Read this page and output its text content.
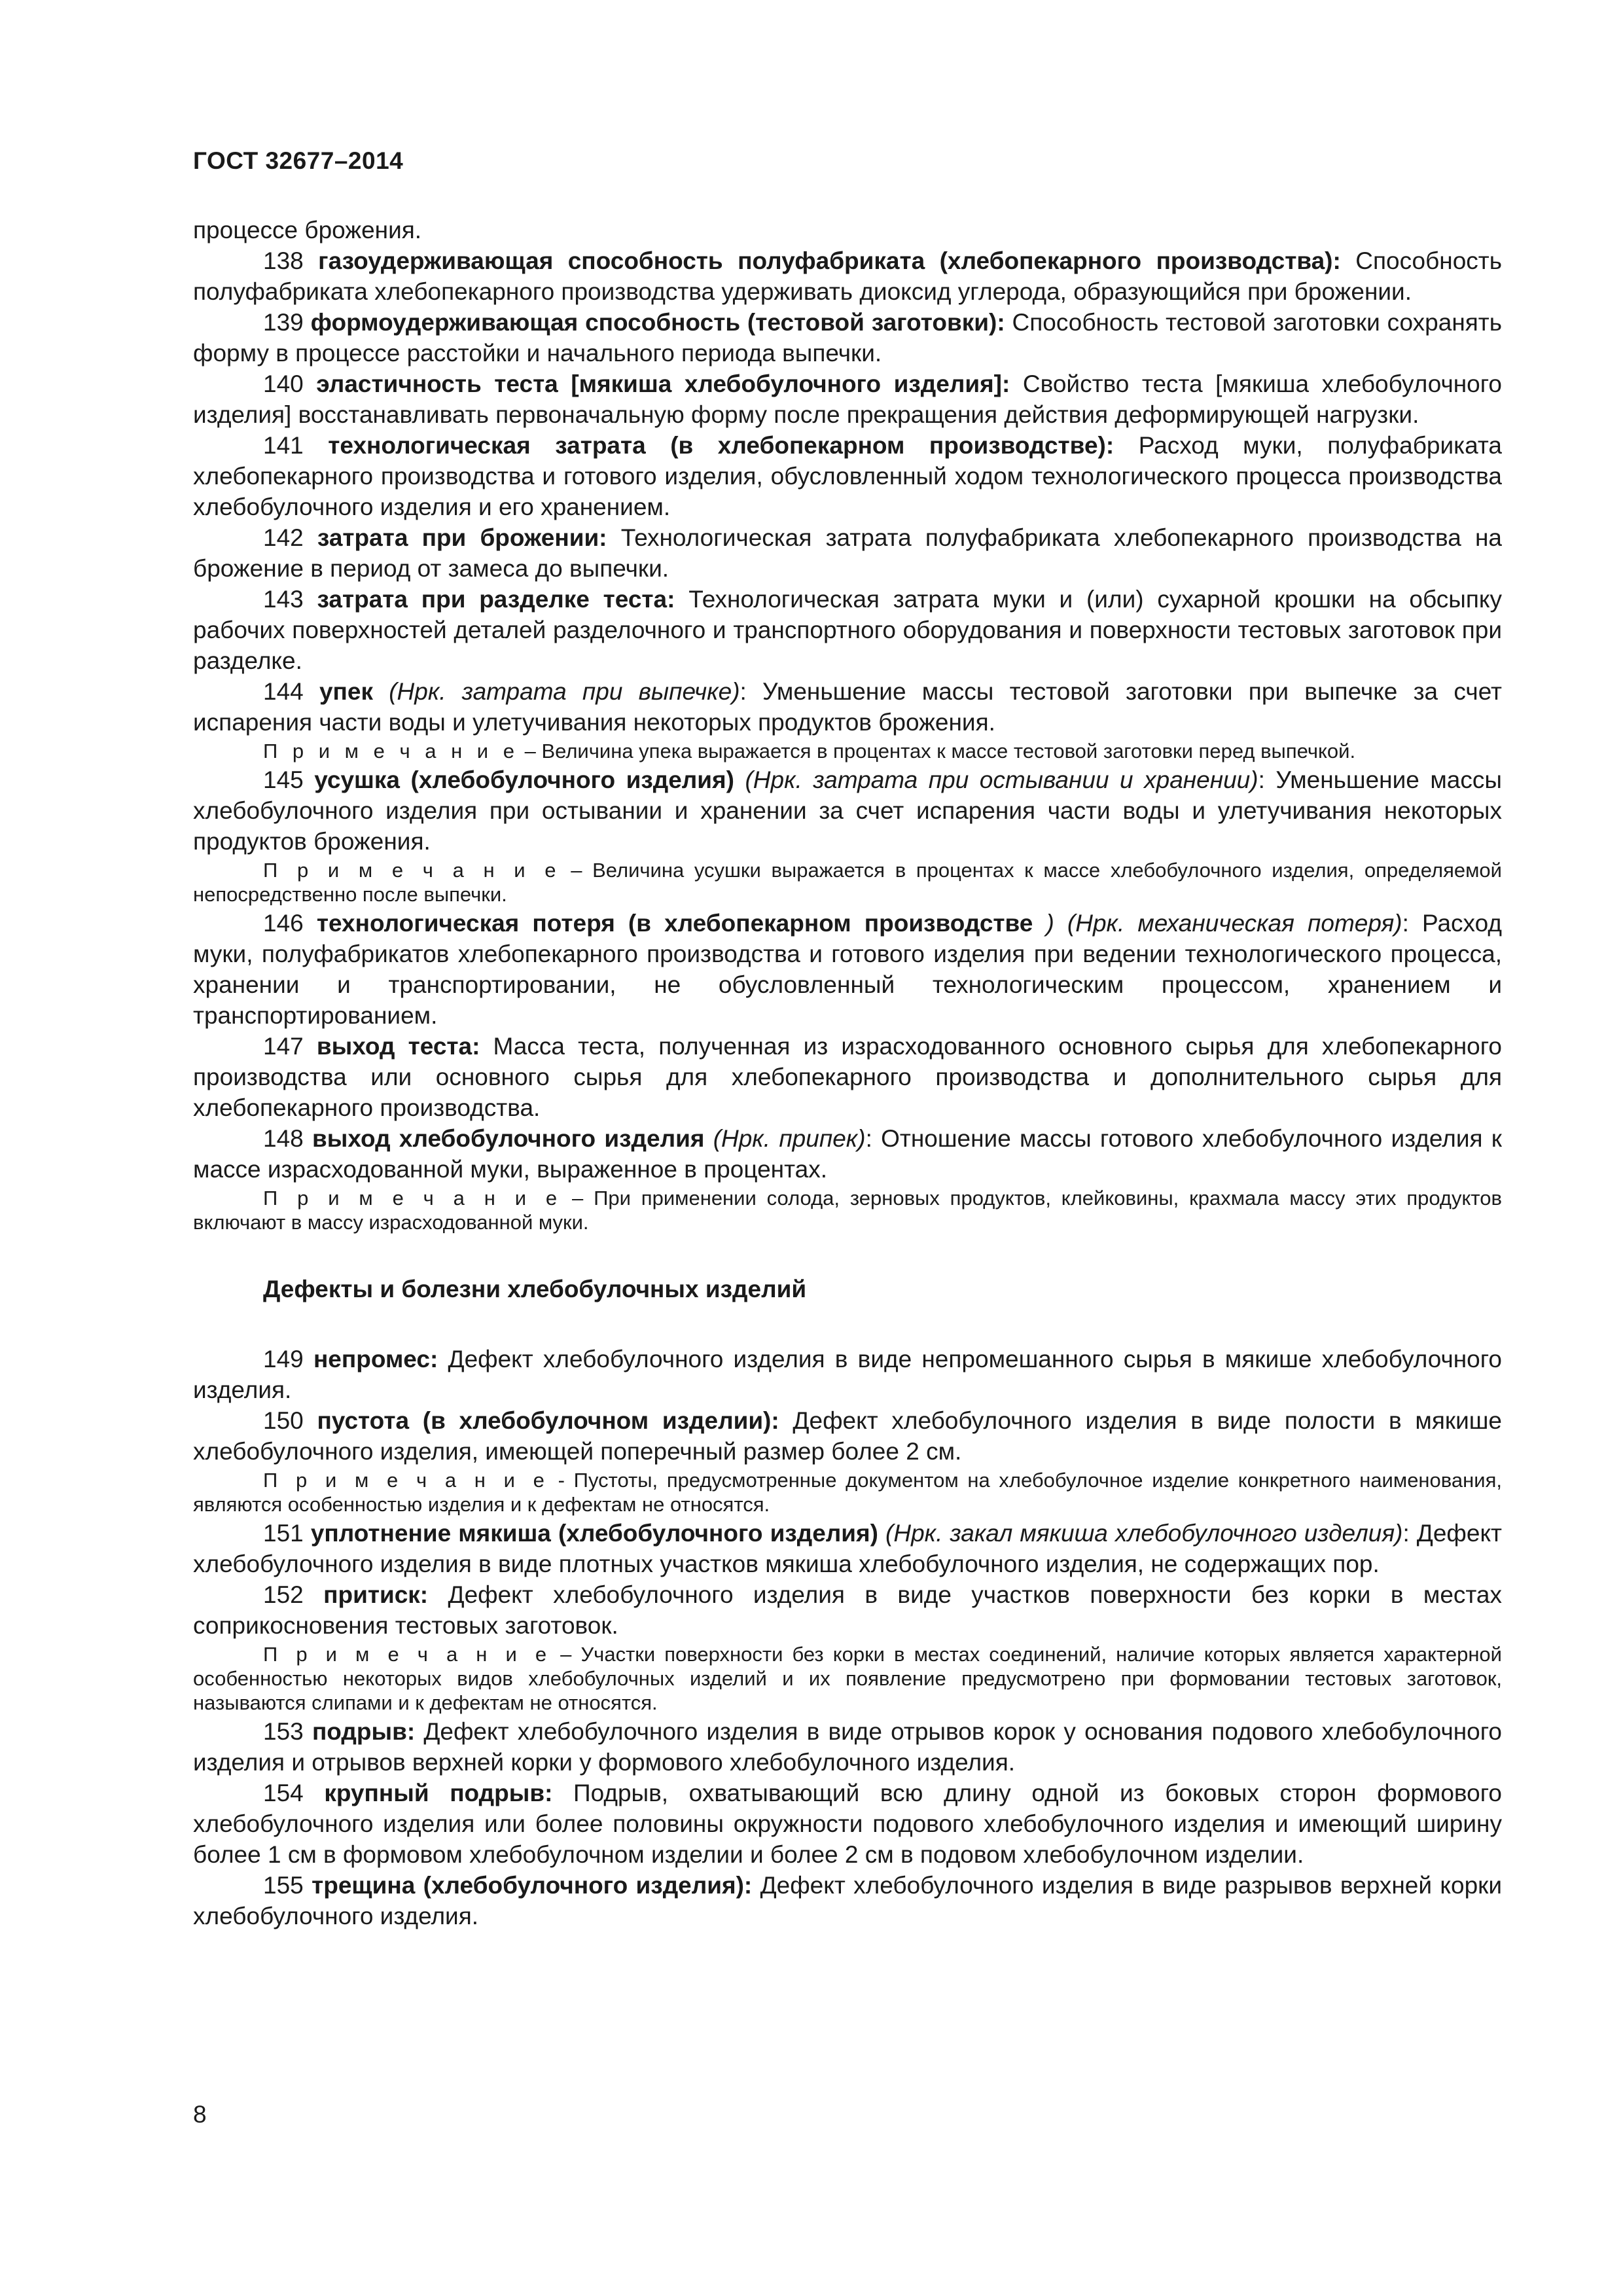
ГОСТ 32677–2014

процессе брожения.

138 газоудерживающая способность полуфабриката (хлебопекарного производства): Способность полуфабриката хлебопекарного производства удерживать диоксид углерода, образующийся при брожении.

139 формоудерживающая способность (тестовой заготовки): Способность тестовой заготовки сохранять форму в процессе расстойки и начального периода выпечки.

140 эластичность теста [мякиша хлебобулочного изделия]: Свойство теста [мякиша хлебобулочного изделия] восстанавливать первоначальную форму после прекращения действия деформирующей нагрузки.

141 технологическая затрата (в хлебопекарном производстве): Расход муки, полуфабриката хлебопекарного производства и готового изделия, обусловленный ходом технологического процесса производства хлебобулочного изделия и его хранением.

142 затрата при брожении: Технологическая затрата полуфабриката хлебопекарного производства на брожение в период от замеса до выпечки.

143 затрата при разделке теста: Технологическая затрата муки и (или) сухарной крошки на обсыпку рабочих поверхностей деталей разделочного и транспортного оборудования и поверхности тестовых заготовок при разделке.

144 упек (Нрк. затрата при выпечке): Уменьшение массы тестовой заготовки при выпечке за счет испарения части воды и улетучивания некоторых продуктов брожения.

П р и м е ч а н и е – Величина упека выражается в процентах к массе тестовой заготовки перед выпечкой.

145 усушка (хлебобулочного изделия) (Нрк. затрата при остывании и хранении): Уменьшение массы хлебобулочного изделия при остывании и хранении за счет испарения части воды и улетучивания некоторых продуктов брожения.

П р и м е ч а н и е – Величина усушки выражается в процентах к массе хлебобулочного изделия, определяемой непосредственно после выпечки.

146 технологическая потеря (в хлебопекарном производстве ) (Нрк. механическая потеря): Расход муки, полуфабрикатов хлебопекарного производства и готового изделия при ведении технологического процесса, хранении и транспортировании, не обусловленный технологическим процессом, хранением и транспортированием.

147 выход теста: Масса теста, полученная из израсходованного основного сырья для хлебопекарного производства или основного сырья для хлебопекарного производства и дополнительного сырья для хлебопекарного производства.

148 выход хлебобулочного изделия (Нрк. припек): Отношение массы готового хлебобулочного изделия к массе израсходованной муки, выраженное в процентах.

П р и м е ч а н и е – При применении солода, зерновых продуктов, клейковины, крахмала массу этих продуктов включают в массу израсходованной муки.

Дефекты и болезни хлебобулочных изделий

149 непромес: Дефект хлебобулочного изделия в виде непромешанного сырья в мякише хлебобулочного изделия.

150 пустота (в хлебобулочном изделии): Дефект хлебобулочного изделия в виде полости в мякише хлебобулочного изделия, имеющей поперечный размер более 2 см.

П р и м е ч а н и е - Пустоты, предусмотренные документом на хлебобулочное изделие конкретного наименования, являются особенностью изделия и к дефектам не относятся.

151 уплотнение мякиша (хлебобулочного изделия) (Нрк. закал мякиша хлебобулочного изделия): Дефект хлебобулочного изделия в виде плотных участков мякиша хлебобулочного изделия, не содержащих пор.

152 притиск: Дефект хлебобулочного изделия в виде участков поверхности без корки в местах соприкосновения тестовых заготовок.

П р и м е ч а н и е – Участки поверхности без корки в местах соединений, наличие которых является характерной особенностью некоторых видов хлебобулочных изделий и их появление предусмотрено при формовании тестовых заготовок, называются слипами и к дефектам не относятся.

153 подрыв: Дефект хлебобулочного изделия в виде отрывов корок у основания подового хлебобулочного изделия и отрывов верхней корки у формового хлебобулочного изделия.

154 крупный подрыв: Подрыв, охватывающий всю длину одной из боковых сторон формового хлебобулочного изделия или более половины окружности подового хлебобулочного изделия и имеющий ширину более 1 см в формовом хлебобулочном изделии и более 2 см в подовом хлебобулочном изделии.

155 трещина (хлебобулочного изделия): Дефект хлебобулочного изделия в виде разрывов верхней корки хлебобулочного изделия.

8
